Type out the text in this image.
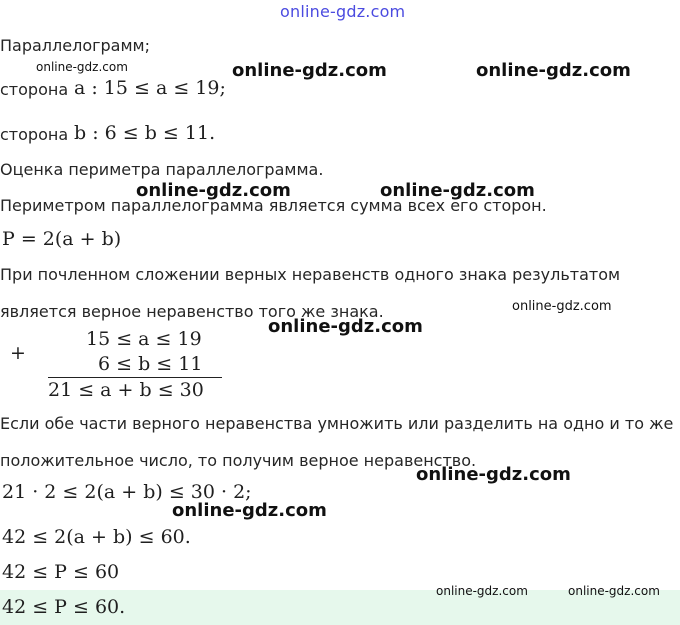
online-gdz.com
Параллелограмм;
online-gdz.com	online-gdz.com	online-gdz.com
сторона a : 15 ≤ a ≤ 19;
сторона b : 6 ≤ b ≤ 11.
Оценка периметра параллелограмма.
online-gdz.com	online-gdz.com
Периметром параллелограмма является сумма всех его сторон.
P = 2(a + b)
При почленном сложении верных неравенств одного знака результатом
является верное неравенство того же знака.	online-gdz.com
online-gdz.com
+
15 ≤ a ≤ 19
6 ≤ b ≤ 11
21 ≤ a + b ≤ 30
Если обе части верного неравенства умножить или разделить на одно и то же
положительное число, то получим верное неравенство.
online-gdz.com
21 · 2 ≤ 2(a + b) ≤ 30 · 2;
online-gdz.com
42 ≤ 2(a + b) ≤ 60.
42 ≤ P ≤ 60
online-gdz.com	online-gdz.com
42 ≤ P ≤ 60.
